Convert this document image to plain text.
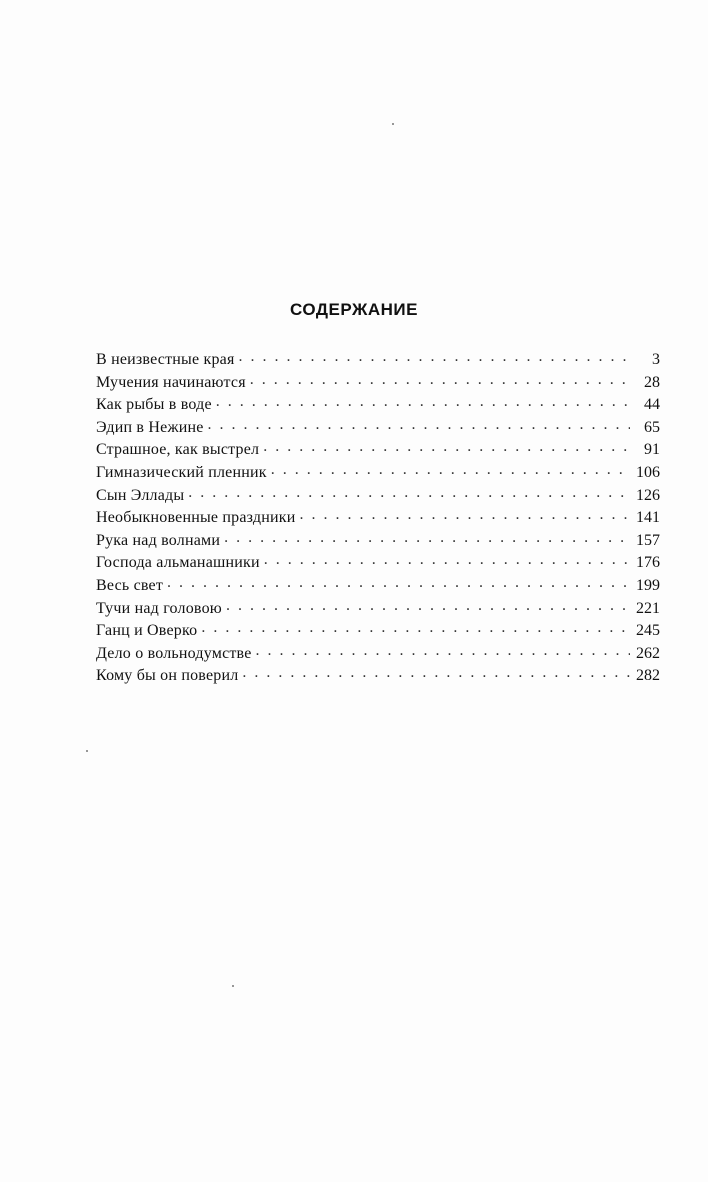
СОДЕРЖАНИЕ
В неизвестные края . . .	3
Мучения начинаются . . .	28
Как рыбы в воде . . .	44
Эдип в Нежине . . .	65
Страшное, как выстрел . . .	91
Гимназический пленник . . .	106
Сын Эллады . . .	126
Необыкновенные праздники . . .	141
Рука над волнами . . .	157
Господа альманашники . . .	176
Весь свет . . .	199
Тучи над головою . . .	221
Ганц и Оверко . . .	245
Дело о вольнодумстве . . .	262
Кому бы он поверил . . .	282
